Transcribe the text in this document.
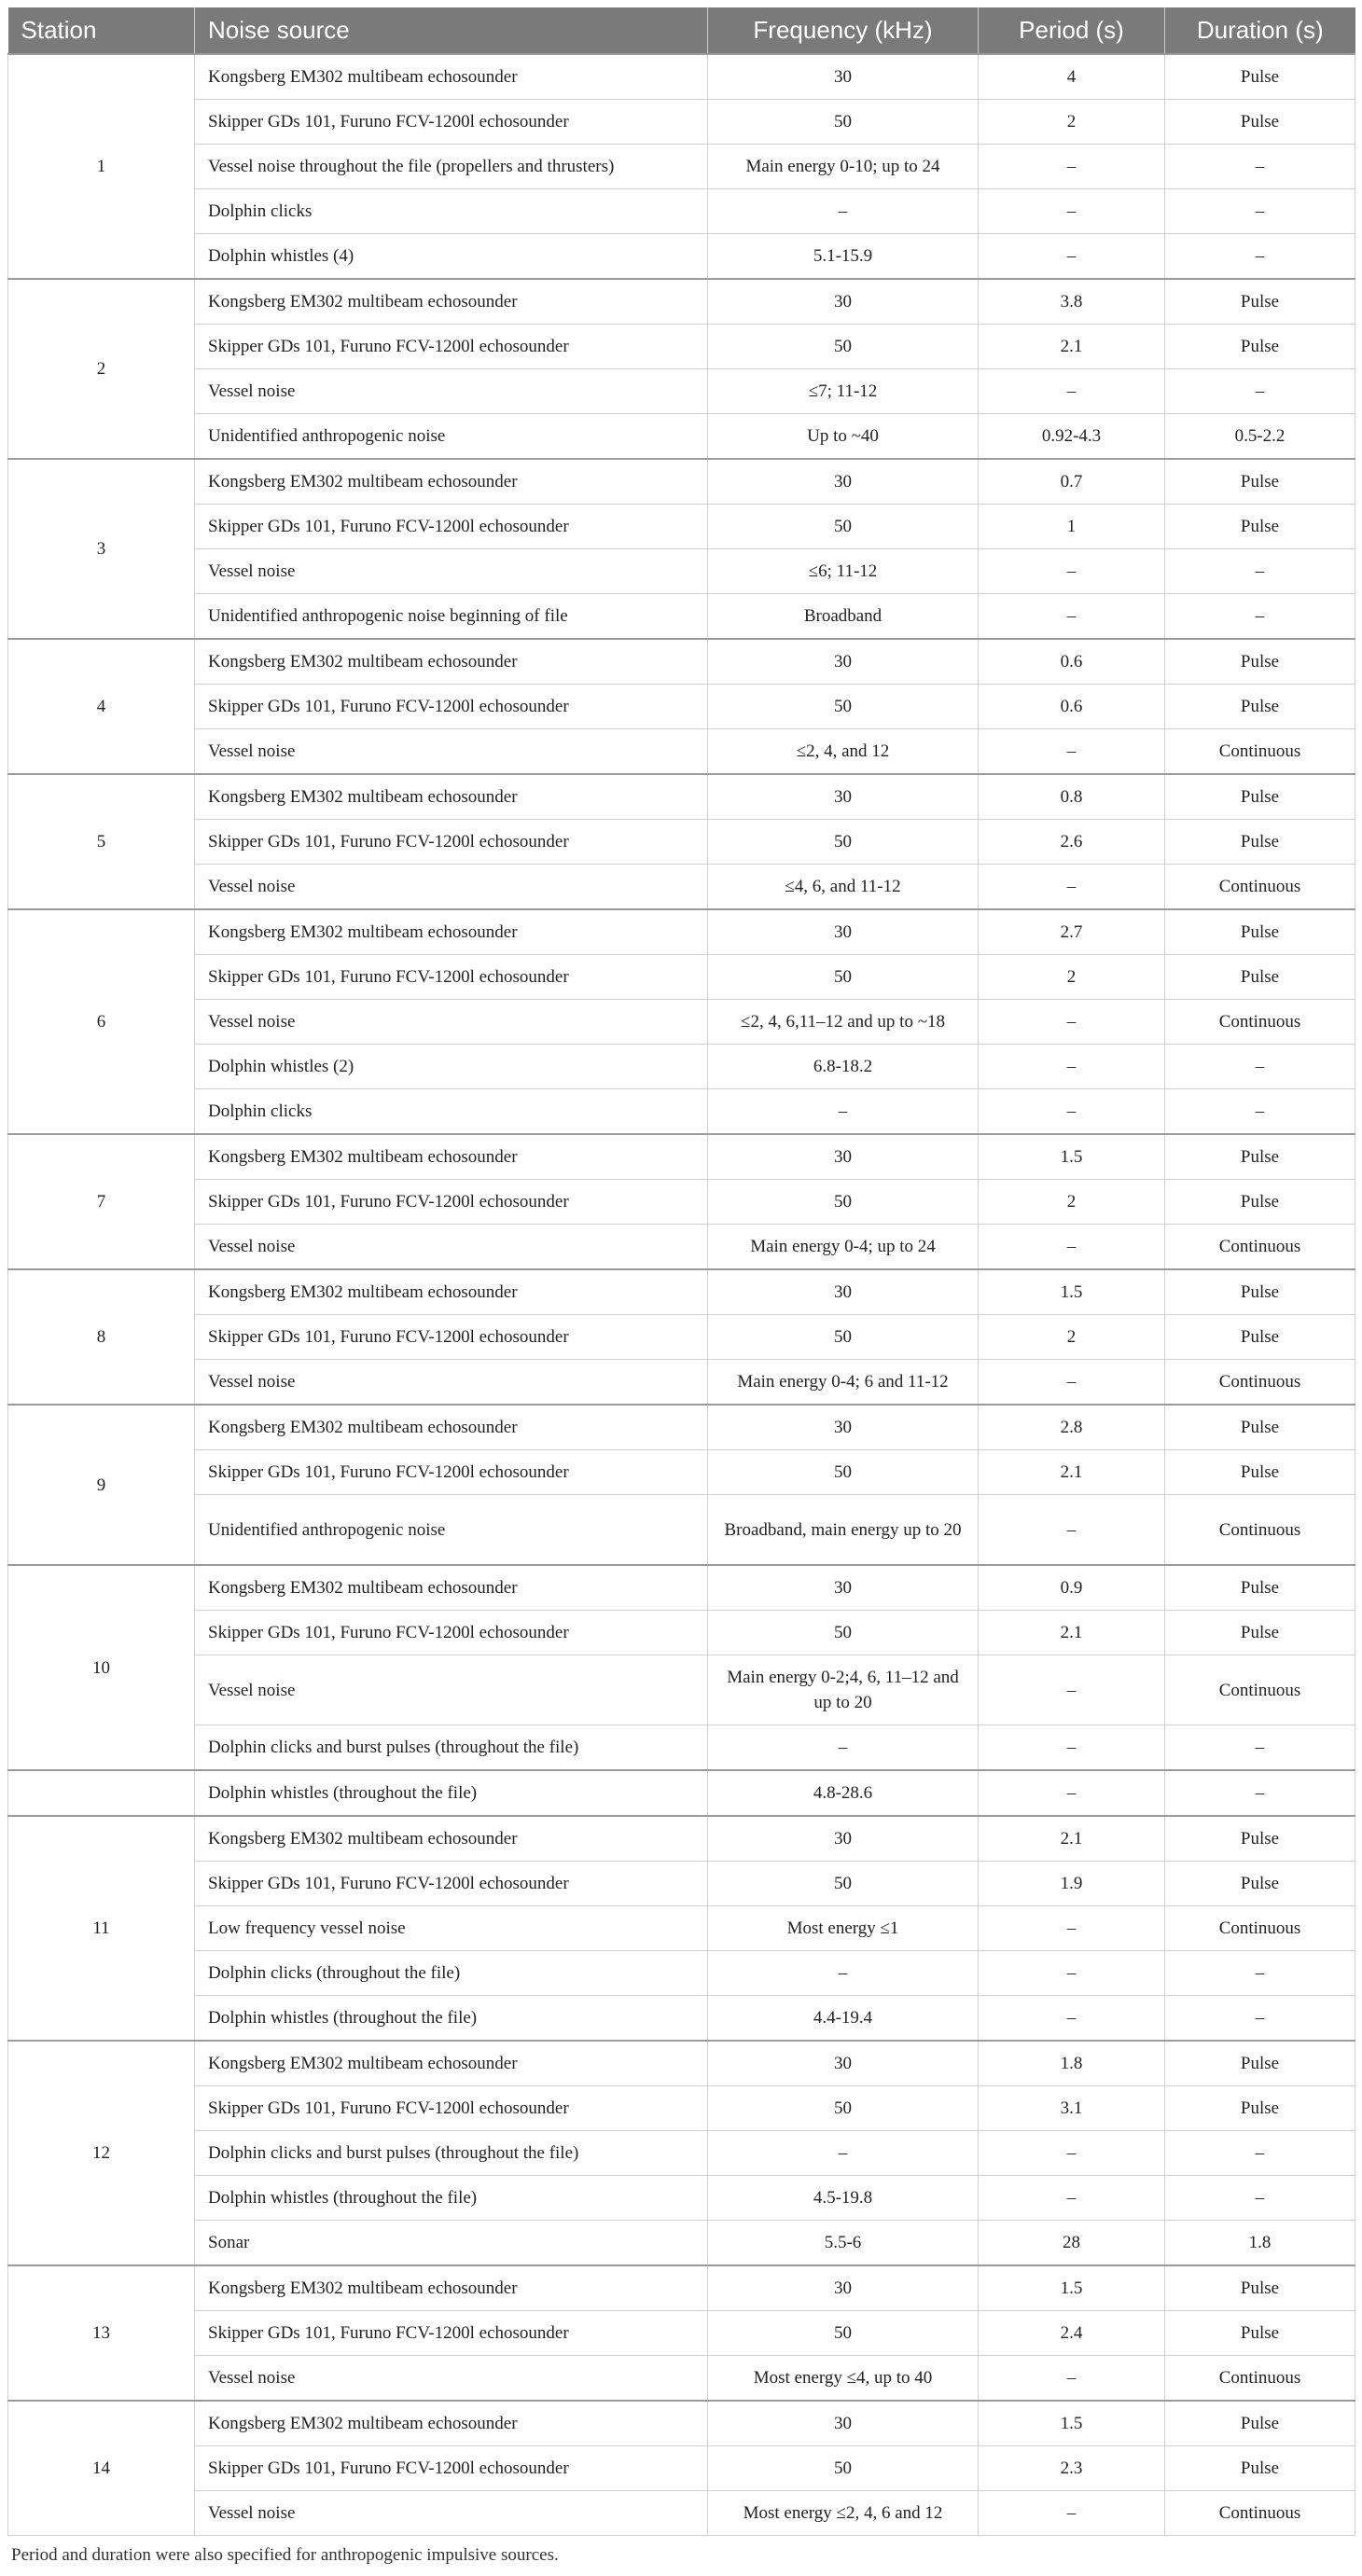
Station	Noise source	Frequency (kHz)	Period (s)	Duration (s)
1	Kongsberg EM302 multibeam echosounder	30	4	Pulse
	Skipper GDs 101, Furuno FCV-1200l echosounder	50	2	Pulse
	Vessel noise throughout the file (propellers and thrusters)	Main energy 0-10; up to 24	–	–
	Dolphin clicks	–	–	–
	Dolphin whistles (4)	5.1-15.9	–	–
2	Kongsberg EM302 multibeam echosounder	30	3.8	Pulse
	Skipper GDs 101, Furuno FCV-1200l echosounder	50	2.1	Pulse
	Vessel noise	≤7; 11-12	–	–
	Unidentified anthropogenic noise	Up to ~40	0.92-4.3	0.5-2.2
3	Kongsberg EM302 multibeam echosounder	30	0.7	Pulse
	Skipper GDs 101, Furuno FCV-1200l echosounder	50	1	Pulse
	Vessel noise	≤6; 11-12	–	–
	Unidentified anthropogenic noise beginning of file	Broadband	–	–
4	Kongsberg EM302 multibeam echosounder	30	0.6	Pulse
	Skipper GDs 101, Furuno FCV-1200l echosounder	50	0.6	Pulse
	Vessel noise	≤2, 4, and 12	–	Continuous
5	Kongsberg EM302 multibeam echosounder	30	0.8	Pulse
	Skipper GDs 101, Furuno FCV-1200l echosounder	50	2.6	Pulse
	Vessel noise	≤4, 6, and 11-12	–	Continuous
6	Kongsberg EM302 multibeam echosounder	30	2.7	Pulse
	Skipper GDs 101, Furuno FCV-1200l echosounder	50	2	Pulse
	Vessel noise	≤2, 4, 6,11–12 and up to ~18	–	Continuous
	Dolphin whistles (2)	6.8-18.2	–	–
	Dolphin clicks	–	–	–
7	Kongsberg EM302 multibeam echosounder	30	1.5	Pulse
	Skipper GDs 101, Furuno FCV-1200l echosounder	50	2	Pulse
	Vessel noise	Main energy 0-4; up to 24	–	Continuous
8	Kongsberg EM302 multibeam echosounder	30	1.5	Pulse
	Skipper GDs 101, Furuno FCV-1200l echosounder	50	2	Pulse
	Vessel noise	Main energy 0-4; 6 and 11-12	–	Continuous
9	Kongsberg EM302 multibeam echosounder	30	2.8	Pulse
	Skipper GDs 101, Furuno FCV-1200l echosounder	50	2.1	Pulse
	Unidentified anthropogenic noise	Broadband, main energy up to 20	–	Continuous
10	Kongsberg EM302 multibeam echosounder	30	0.9	Pulse
	Skipper GDs 101, Furuno FCV-1200l echosounder	50	2.1	Pulse
	Vessel noise	Main energy 0-2;4, 6, 11–12 and up to 20	–	Continuous
	Dolphin clicks and burst pulses (throughout the file)	–	–	–
	Dolphin whistles (throughout the file)	4.8-28.6	–	–
11	Kongsberg EM302 multibeam echosounder	30	2.1	Pulse
	Skipper GDs 101, Furuno FCV-1200l echosounder	50	1.9	Pulse
	Low frequency vessel noise	Most energy ≤1	–	Continuous
	Dolphin clicks (throughout the file)	–	–	–
	Dolphin whistles (throughout the file)	4.4-19.4	–	–
12	Kongsberg EM302 multibeam echosounder	30	1.8	Pulse
	Skipper GDs 101, Furuno FCV-1200l echosounder	50	3.1	Pulse
	Dolphin clicks and burst pulses (throughout the file)	–	–	–
	Dolphin whistles (throughout the file)	4.5-19.8	–	–
	Sonar	5.5-6	28	1.8
13	Kongsberg EM302 multibeam echosounder	30	1.5	Pulse
	Skipper GDs 101, Furuno FCV-1200l echosounder	50	2.4	Pulse
	Vessel noise	Most energy ≤4, up to 40	–	Continuous
14	Kongsberg EM302 multibeam echosounder	30	1.5	Pulse
	Skipper GDs 101, Furuno FCV-1200l echosounder	50	2.3	Pulse
	Vessel noise	Most energy ≤2, 4, 6 and 12	–	Continuous
Period and duration were also specified for anthropogenic impulsive sources.
